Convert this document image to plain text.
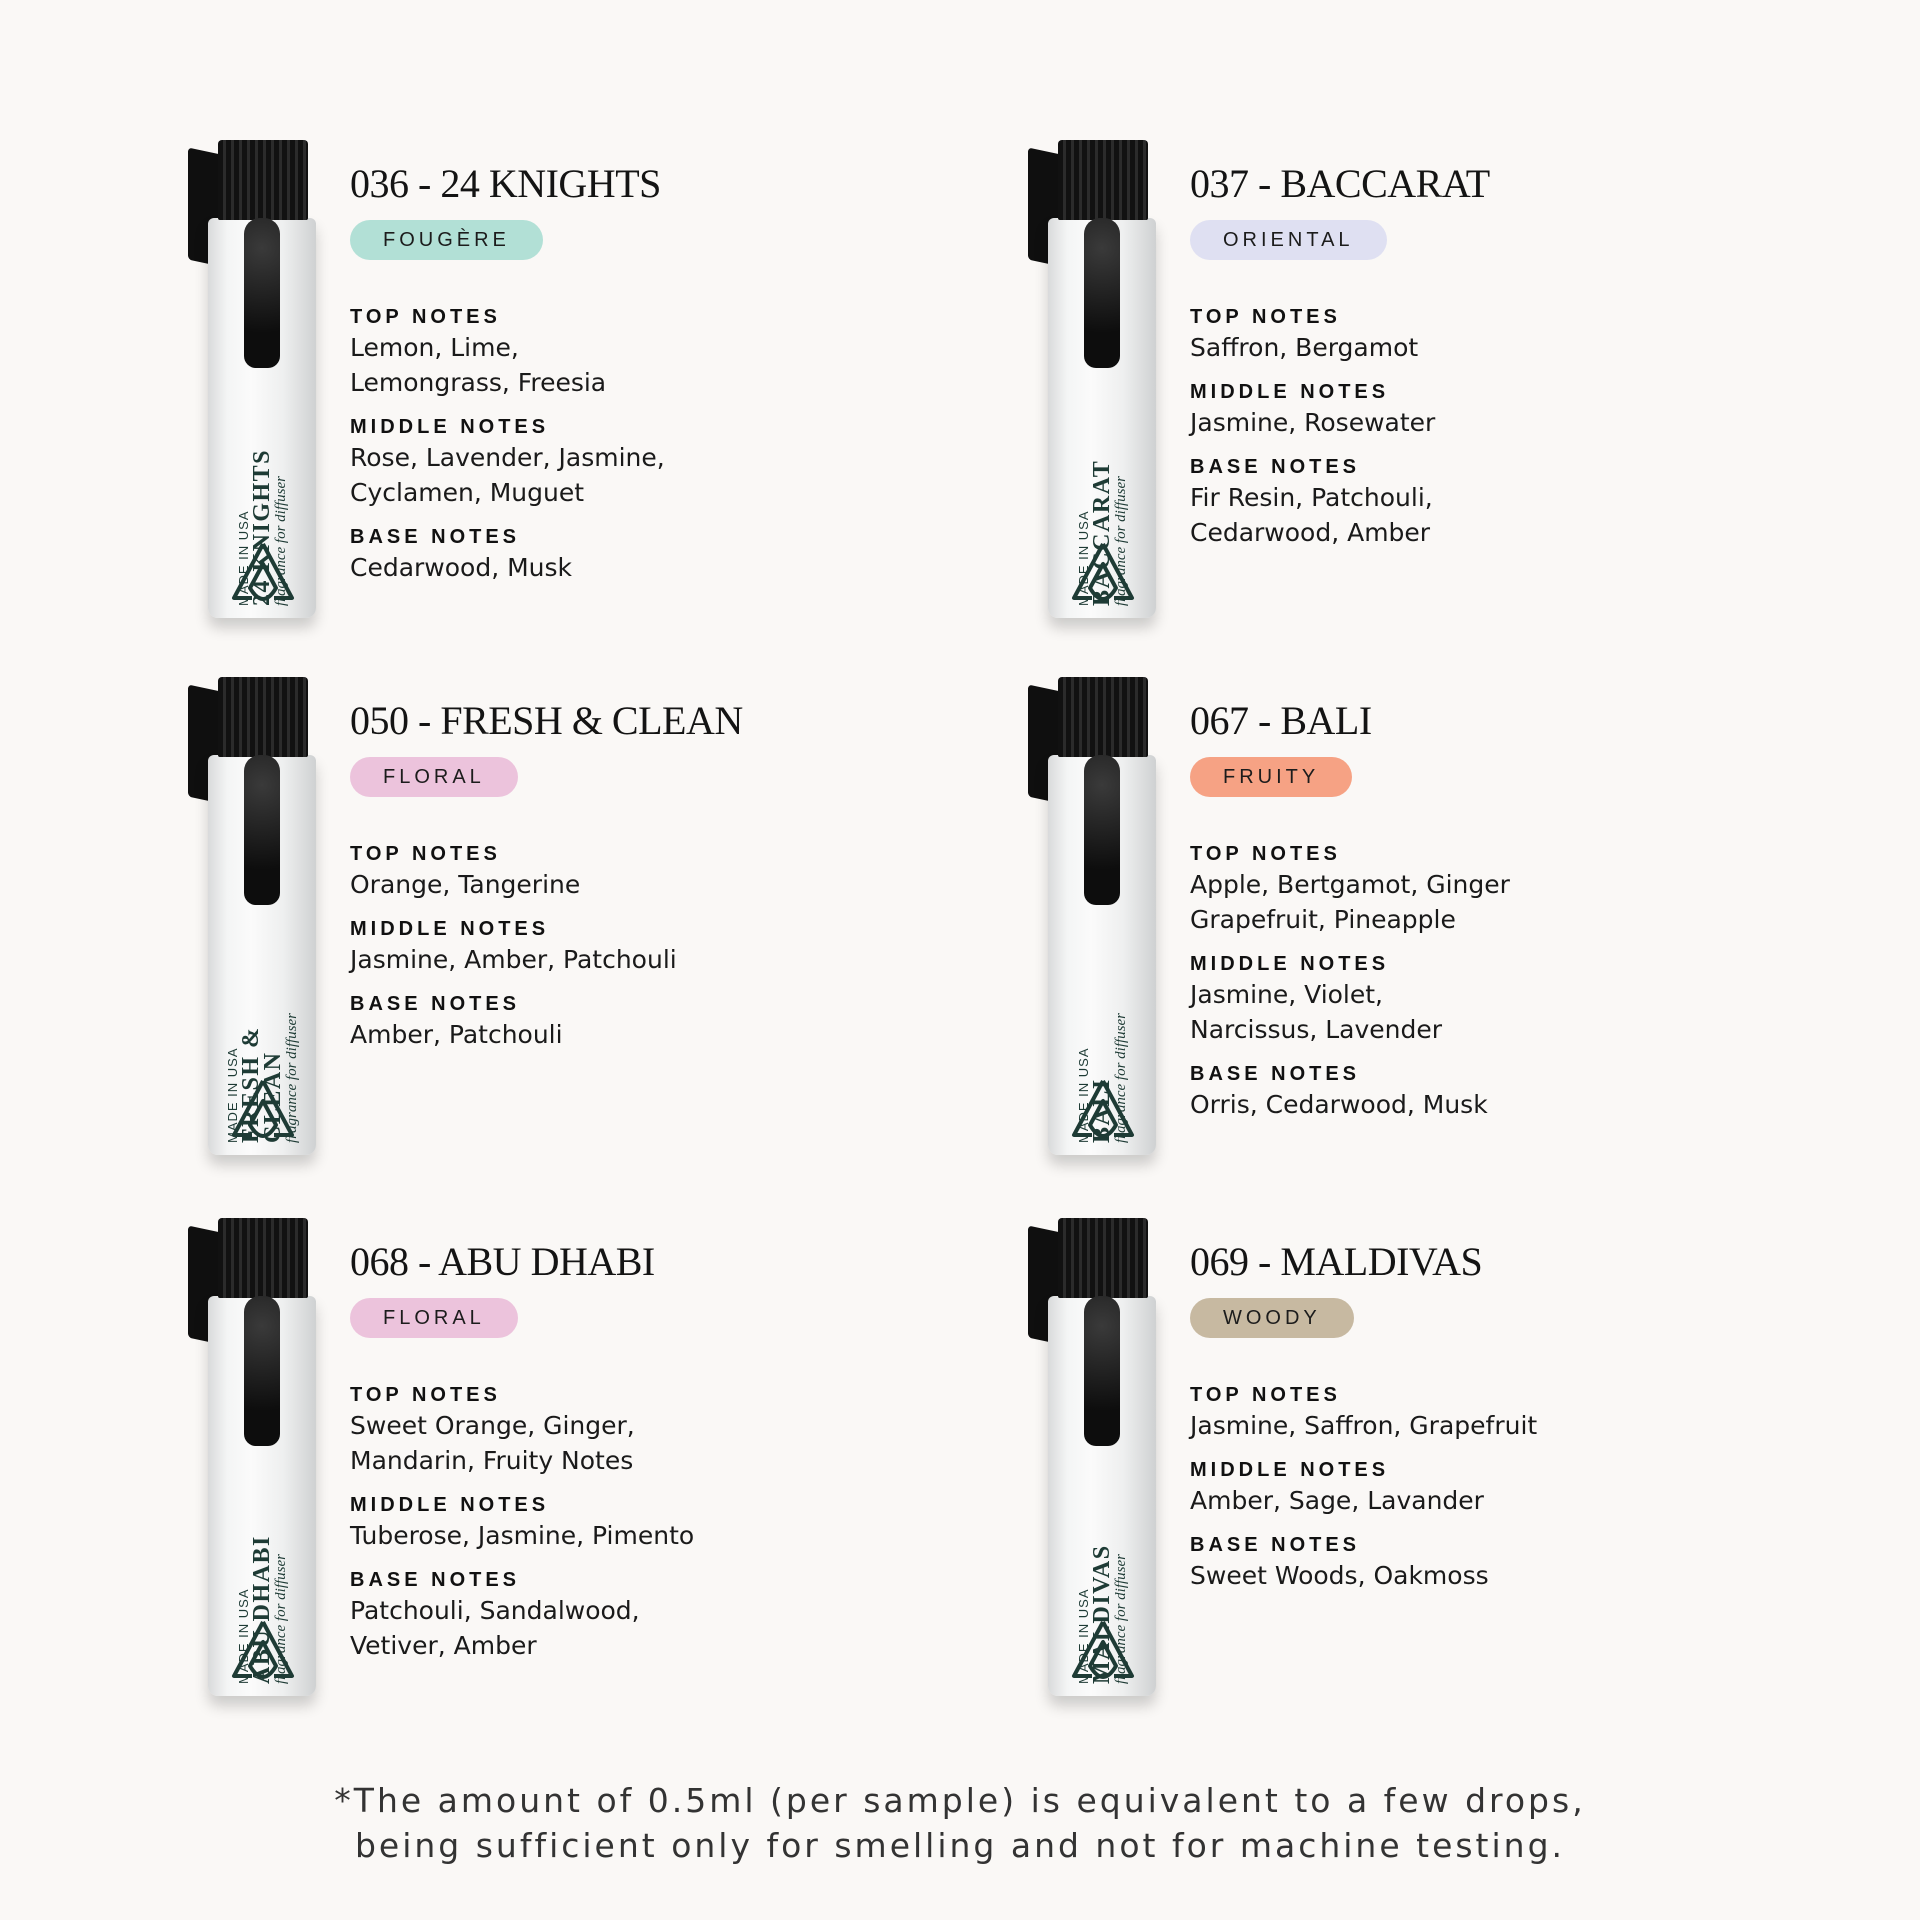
MADE IN USA
24 KNIGHTS
fragrance for diffuser
036 - 24 KNIGHTS
FOUGÈRE
TOP NOTES
Lemon, Lime,
Lemongrass, Freesia
MIDDLE NOTES
Rose, Lavender, Jasmine,
Cyclamen, Muguet
BASE NOTES
Cedarwood, Musk	MADE IN USA
BACCARAT
fragrance for diffuser
037 - BACCARAT
ORIENTAL
TOP NOTES
Saffron, Bergamot
MIDDLE NOTES
Jasmine, Rosewater
BASE NOTES
Fir Resin, Patchouli,
Cedarwood, Amber
MADE IN USA
FRESH &
CLEAN
fragrance for diffuser
050 - FRESH & CLEAN
FLORAL
TOP NOTES
Orange, Tangerine
MIDDLE NOTES
Jasmine, Amber, Patchouli
BASE NOTES
Amber, Patchouli
MADE IN USA
BALI
fragrance for diffuser
067 - BALI
FRUITY
TOP NOTES
Apple, Bertgamot, Ginger
Grapefruit, Pineapple
MIDDLE NOTES
Jasmine, Violet,
Narcissus, Lavender
BASE NOTES
Orris, Cedarwood, Musk
MADE IN USA
ABU DHABI
fragrance for diffuser
068 - ABU DHABI
FLORAL
TOP NOTES
Sweet Orange, Ginger,
Mandarin, Fruity Notes
MIDDLE NOTES
Tuberose, Jasmine, Pimento
BASE NOTES
Patchouli, Sandalwood,
Vetiver, Amber	MADE IN USA
MALDIVAS
fragrance for diffuser
069 - MALDIVAS
WOODY
TOP NOTES
Jasmine, Saffron, Grapefruit
MIDDLE NOTES
Amber, Sage, Lavander
BASE NOTES
Sweet Woods, Oakmoss
*The amount of 0.5ml (per sample) is equivalent to a few drops,
being sufficient only for smelling and not for machine testing.
